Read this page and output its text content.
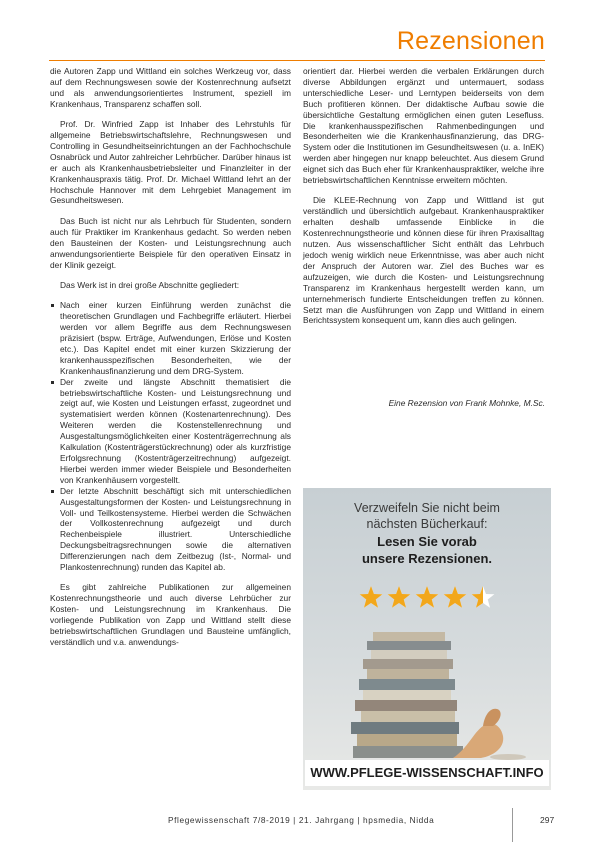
Rezensionen

die Autoren Zapp und Wittland ein solches Werkzeug vor, dass auf dem Rechnungswesen sowie der Kostenrechnung aufsetzt und als anwendungsorientiertes Instrument, speziell im Krankenhaus, Transparenz schaffen soll.

Prof. Dr. Winfried Zapp ist Inhaber des Lehrstuhls für allgemeine Betriebswirtschaftslehre, Rechnungswesen und Controlling in Gesundheitseinrichtungen an der Fachhochschule Osnabrück und Autor zahlreicher Lehrbücher. Darüber hinaus ist er auch als Krankenhausbetriebsleiter und Finanzleiter in der Krankenhauspraxis tätig. Prof. Dr. Michael Wittland lehrt an der Hochschule Hannover mit dem Lehrgebiet Management im Gesundheitswesen.

Das Buch ist nicht nur als Lehrbuch für Studenten, sondern auch für Praktiker im Krankenhaus gedacht. So werden neben den Bausteinen der Kosten- und Leistungsrechnung auch anwendungsorientierte Beispiele für den operativen Einsatz in der Klinik gezeigt.

Das Werk ist in drei große Abschnitte gegliedert:

Nach einer kurzen Einführung werden zunächst die theoretischen Grundlagen und Fachbegriffe erläutert. Hierbei werden vor allem Begriffe aus dem Rechnungswesen präzisiert (bspw. Erträge, Aufwendungen, Erlöse und Kosten etc.). Das Kapitel endet mit einer kurzen Skizzierung der krankenhausspezifischen Besonderheiten, wie der Krankenhausfinanzierung und dem DRG-System.
Der zweite und längste Abschnitt thematisiert die betriebswirtschaftliche Kosten- und Leistungsrechnung und zeigt auf, wie Kosten und Leistungen erfasst, zugeordnet und systematisiert werden können (Kostenartenrechnung). Des Weiteren werden die Kostenstellenrechnung und Ausgestaltungsmöglichkeiten einer Kostenträgerrechnung als Kalkulation (Kostenträgerstückrechnung) oder als kurzfristige Erfolgsrechnung (Kostenträgerzeitrechnung) aufgezeigt. Hierbei werden immer wieder Beispiele und Besonderheiten von Krankenhäusern vorgestellt.
Der letzte Abschnitt beschäftigt sich mit unterschiedlichen Ausgestaltungsformen der Kosten- und Leistungsrechnung in Voll- und Teilkostensysteme. Hierbei werden die Schwächen der Vollkostenrechnung aufgezeigt und durch Rechenbeispiele illustriert. Unterschiedliche Deckungsbeitragsrechnungen sowie die alternativen Differenzierungen nach dem Zeitbezug (Ist-, Normal- und Plankostenrechnung) runden das Kapitel ab.

Es gibt zahlreiche Publikationen zur allgemeinen Kostenrechnungstheorie und auch diverse Lehrbücher zur Kosten- und Leistungsrechnung im Krankenhaus. Die vorliegende Publikation von Zapp und Wittland stellt diese betriebswirtschaftlichen Grundlagen und Bausteine umfänglich, verständlich und v.a. anwendungs-

orientiert dar. Hierbei werden die verbalen Erklärungen durch diverse Abbildungen ergänzt und untermauert, sodass unterschiedliche Leser- und Lerntypen beiderseits von dem Buch profitieren können. Der didaktische Aufbau sowie die übersichtliche Gestaltung ermöglichen einen guten Lesefluss. Die krankenhausspezifischen Rahmenbedingungen und Besonderheiten wie die Krankenhausfinanzierung, das DRG-System oder die Institutionen im Gesundheitswesen (u. a. InEK) werden aber hingegen nur knapp beleuchtet. Aus diesem Grund eignet sich das Buch eher für Krankenhauspraktiker, welche ihre betriebswirtschaftlichen Kenntnisse erweitern möchten.

Die KLEE-Rechnung von Zapp und Wittland ist gut verständlich und übersichtlich aufgebaut. Krankenhauspraktiker erhalten deshalb umfassende Einblicke in die Kostenrechnungstheorie und können diese für ihren Praxisalltag nutzen. Aus wissenschaftlicher Sicht enthält das Lehrbuch jedoch wenig wirklich neue Erkenntnisse, was aber auch nicht der Anspruch der Autoren war. Ziel des Buches war es aufzuzeigen, wie durch die Kosten- und Leistungsrechnung Transparenz im Krankenhaus hergestellt werden kann, um unternehmerisch fundierte Entscheidungen treffen zu können. Setzt man die Ausführungen von Zapp und Wittland in einem Berichtssystem konsequent um, kann dies auch gelingen.

Eine Rezension von Frank Mohnke, M.Sc.
Verzweifeln Sie nicht beim
nächsten Bücherkauf:
Lesen Sie vorab
unsere Rezensionen.
WWW.PFLEGE-WISSENSCHAFT.INFO
Pflegewissenschaft 7/8-2019 | 21. Jahrgang | hpsmedia, Nidda	297
